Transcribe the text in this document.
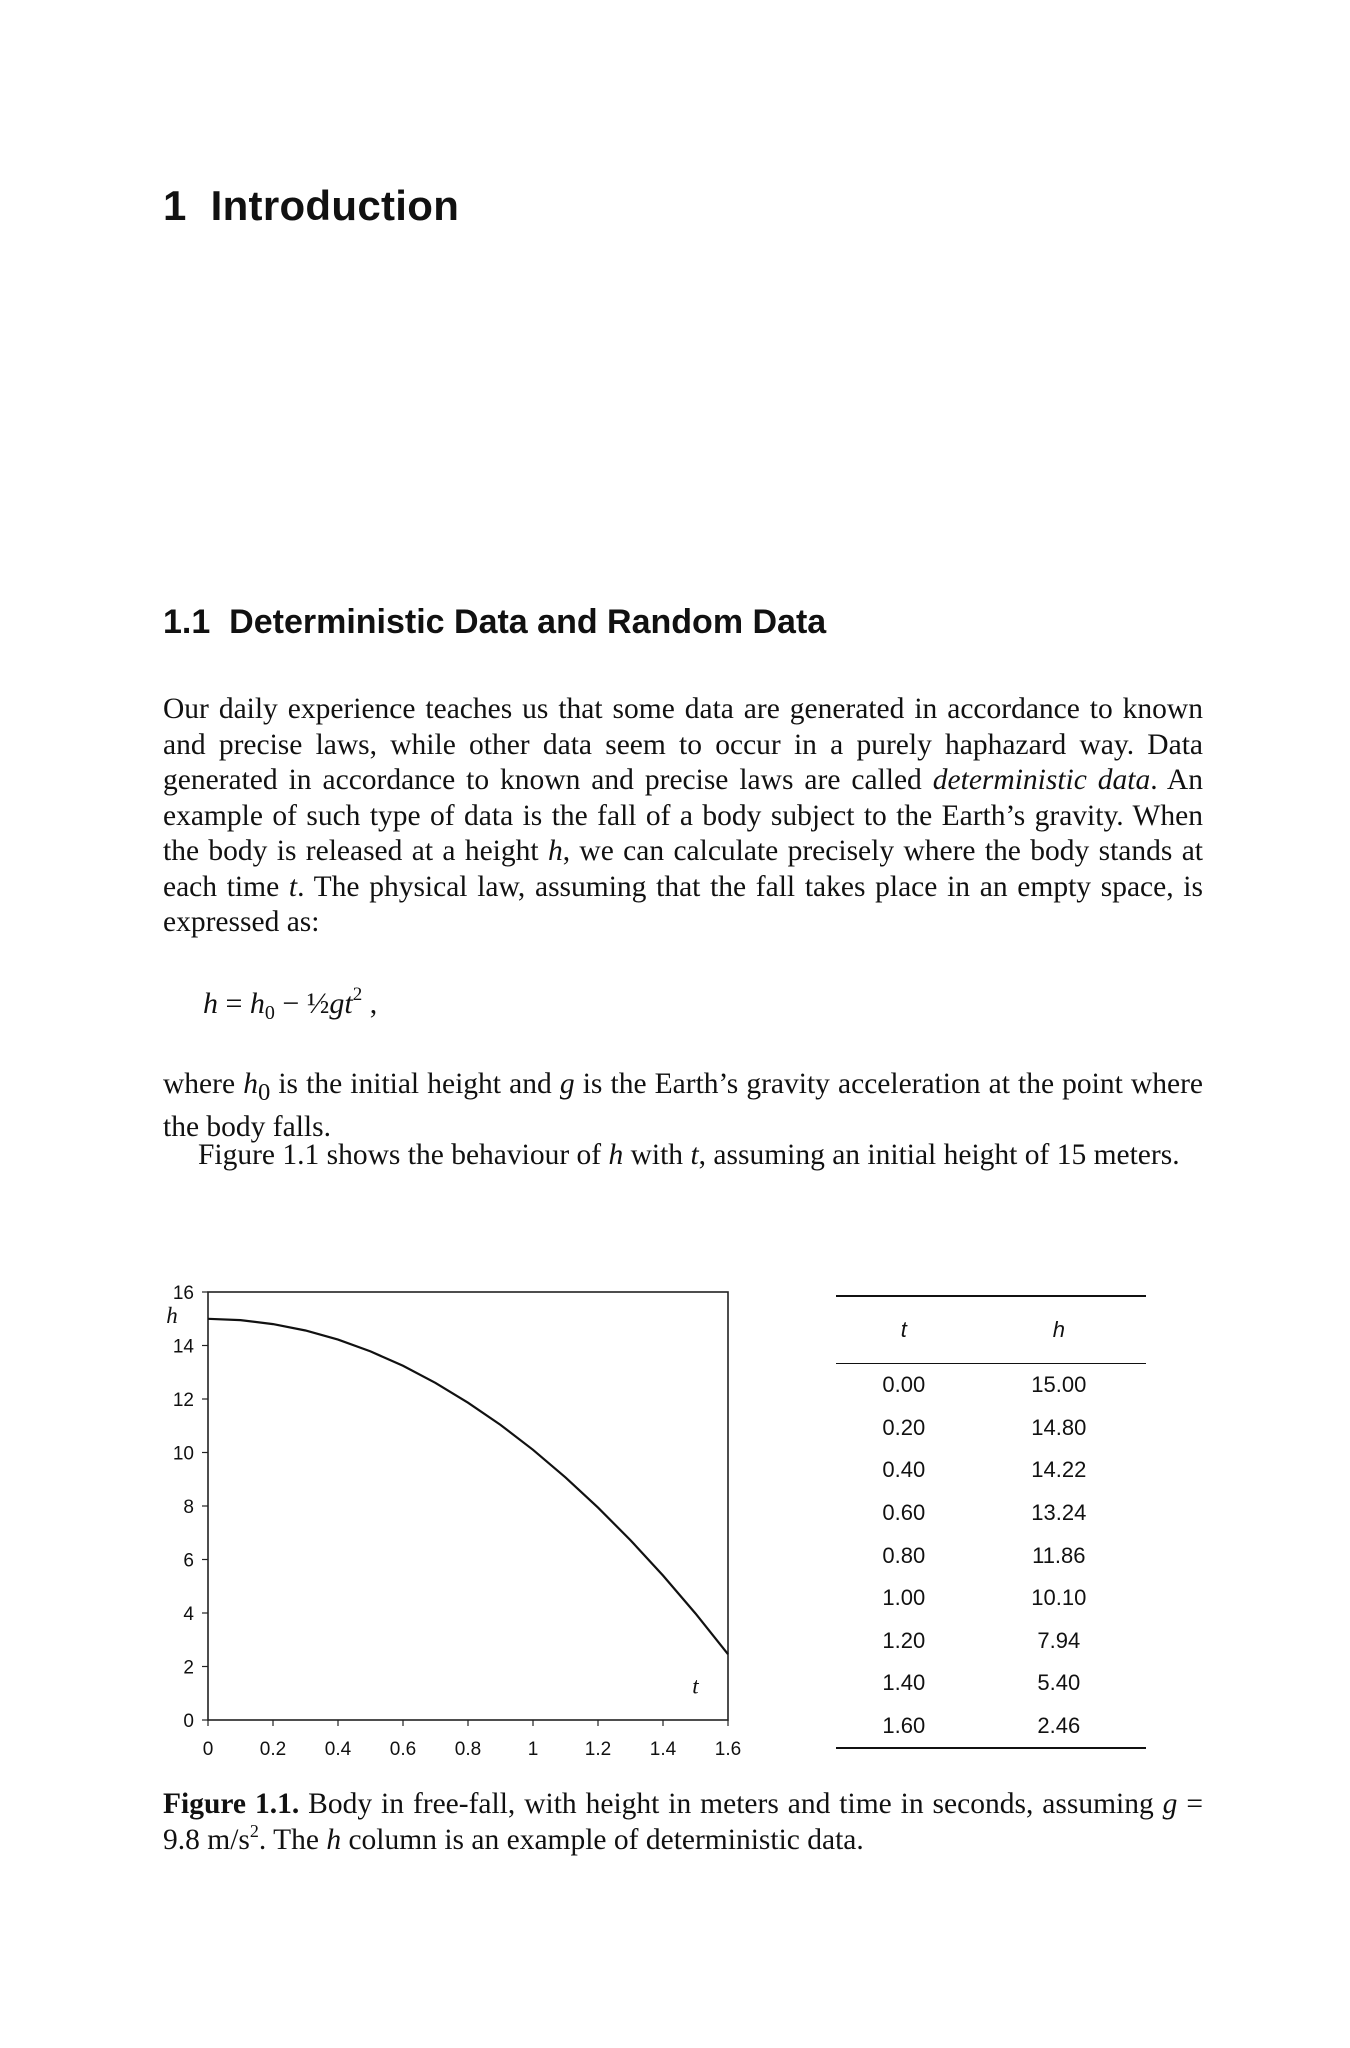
1 Introduction
1.1 Deterministic Data and Random Data

Our daily experience teaches us that some data are generated in accordance to known and precise laws, while other data seem to occur in a purely haphazard way. Data generated in accordance to known and precise laws are called deterministic data. An example of such type of data is the fall of a body subject to the Earth’s gravity. When the body is released at a height h, we can calculate precisely where the body stands at each time t. The physical law, assuming that the fall takes place in an empty space, is expressed as:

$h = h_0$ − $\frac{1}{2}gt^2$ ,

where $h_0$ is the initial height and g is the Earth’s gravity acceleration at the point where the body falls.

Figure 1.1 shows the behaviour of h with t, assuming an initial height of 15 meters.

0
2
4
6
8
10
12
14
16
0 0.2 0.4 0.6 0.8 1 1.2 1.4 1.6
h
t
t	h
0.00	15.00
0.20	14.80
0.40	14.22
0.60	13.24
0.80	11.86
1.00	10.10
1.20	7.94
1.40	5.40
1.60	2.46

Figure 1.1. Body in free-fall, with height in meters and time in seconds, assuming g = 9.8 $m/s^2$. The h column is an example of deterministic data.
